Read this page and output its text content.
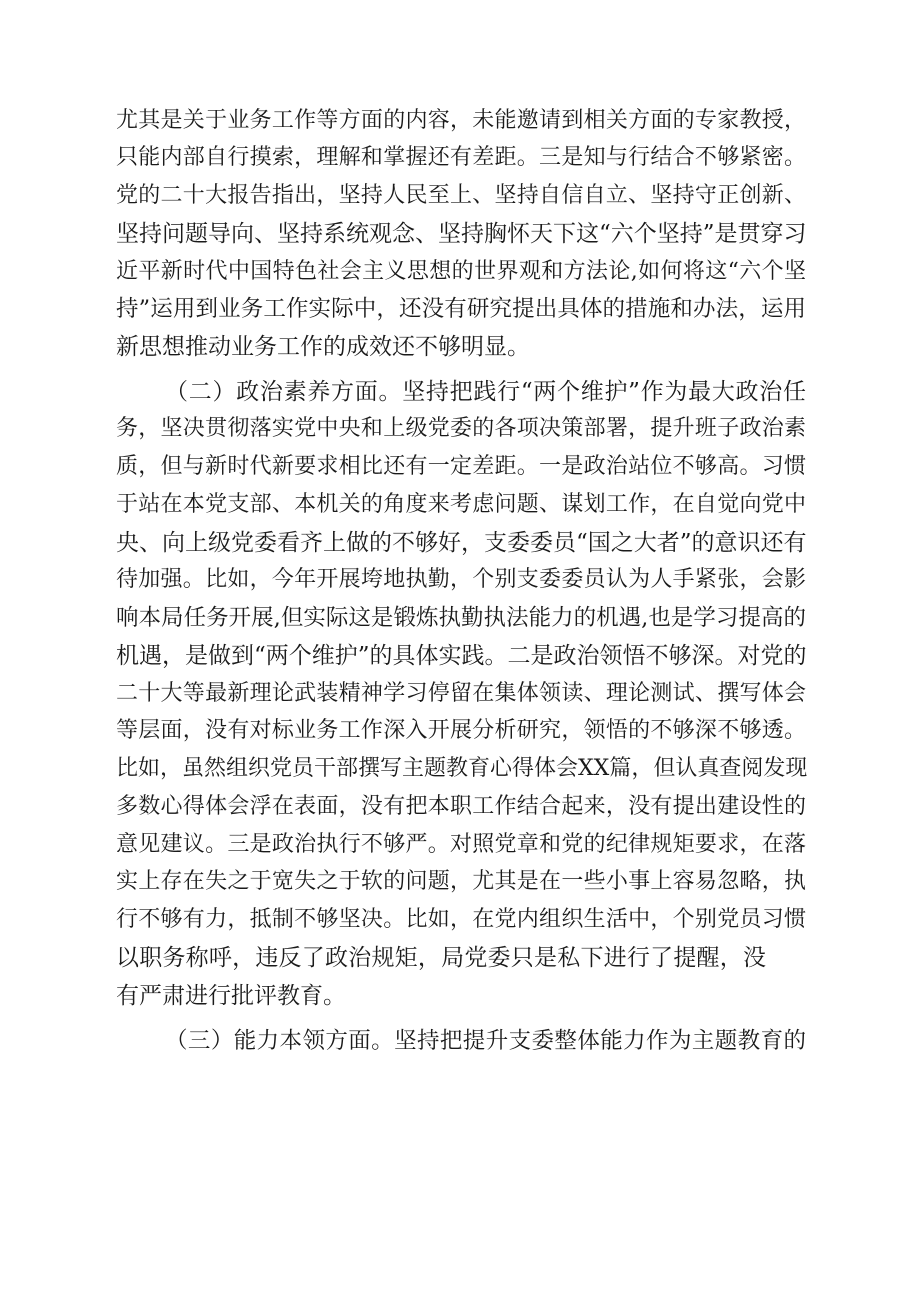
尤其是关于业务工作等方面的内容，未能邀请到相关方面的专家教授，
只能内部自行摸索，理解和掌握还有差距。三是知与行结合不够紧密。
党的二十大报告指出，坚持人民至上、坚持自信自立、坚持守正创新、
坚持问题导向、坚持系统观念、坚持胸怀天下这“六个坚持”是贯穿习
近平新时代中国特色社会主义思想的世界观和方法论,如何将这“六个坚
持”运用到业务工作实际中，还没有研究提出具体的措施和办法，运用
新思想推动业务工作的成效还不够明显。
（二）政治素养方面。坚持把践行“两个维护”作为最大政治任
务，坚决贯彻落实党中央和上级党委的各项决策部署，提升班子政治素
质，但与新时代新要求相比还有一定差距。一是政治站位不够高。习惯
于站在本党支部、本机关的角度来考虑问题、谋划工作，在自觉向党中
央、向上级党委看齐上做的不够好，支委委员“国之大者”的意识还有
待加强。比如，今年开展垮地执勤，个别支委委员认为人手紧张，会影
响本局任务开展,但实际这是锻炼执勤执法能力的机遇,也是学习提高的
机遇，是做到“两个维护”的具体实践。二是政治领悟不够深。对党的
二十大等最新理论武装精神学习停留在集体领读、理论测试、撰写体会
等层面，没有对标业务工作深入开展分析研究，领悟的不够深不够透。
比如，虽然组织党员干部撰写主题教育心得体会XX篇，但认真查阅发现
多数心得体会浮在表面，没有把本职工作结合起来，没有提出建设性的
意见建议。三是政治执行不够严。对照党章和党的纪律规矩要求，在落
实上存在失之于宽失之于软的问题，尤其是在一些小事上容易忽略，执
行不够有力，抵制不够坚决。比如，在党内组织生活中，个别党员习惯
以职务称呼，违反了政治规矩，局党委只是私下进行了提醒，没
有严肃进行批评教育。
（三）能力本领方面。坚持把提升支委整体能力作为主题教育的
